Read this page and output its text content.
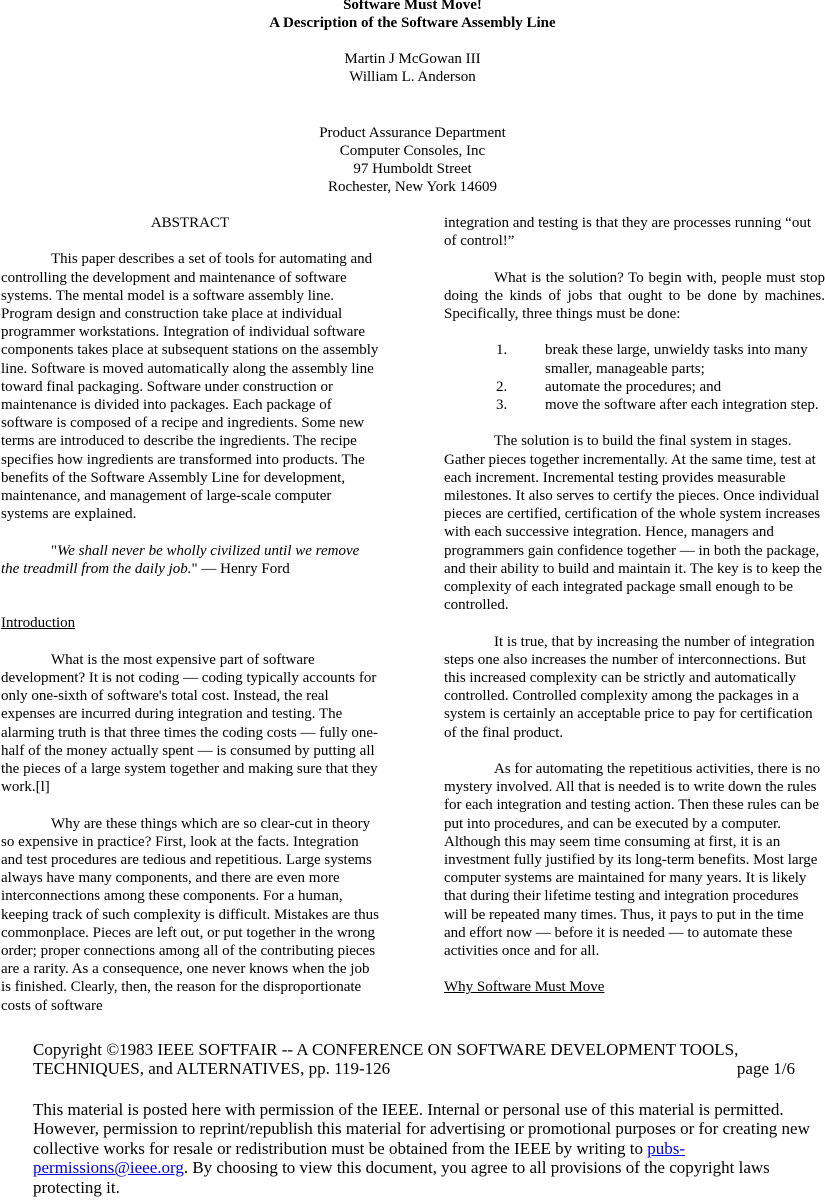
Software Must Move!
A Description of the Software Assembly Line
Martin J McGowan III
William L. Anderson
Product Assurance Department
Computer Consoles, Inc
97 Humboldt Street
Rochester, New York 14609

ABSTRACT

This paper describes a set of tools for automating and controlling the development and maintenance of software systems. The mental model is a software assembly line. Program design and construction take place at individual programmer workstations. Integration of individual software components takes place at subsequent stations on the assembly line. Software is moved automatically along the assembly line toward final packaging. Software under construction or maintenance is divided into packages. Each package of software is composed of a recipe and ingredients. Some new terms are introduced to describe the ingredients. The recipe specifies how ingredients are transformed into products. The benefits of the Software Assembly Line for development, maintenance, and management of large-scale computer systems are explained.

"We shall never be wholly civilized until we remove the treadmill from the daily job." — Henry Ford

Introduction

What is the most expensive part of software development? It is not coding — coding typically accounts for only one-sixth of software's total cost. Instead, the real expenses are incurred during integration and testing. The alarming truth is that three times the coding costs — fully one-half of the money actually spent — is consumed by putting all the pieces of a large system together and making sure that they work.[l]

Why are these things which are so clear-cut in theory so expensive in practice? First, look at the facts. Integration and test procedures are tedious and repetitious. Large systems always have many components, and there are even more interconnections among these components. For a human, keeping track of such complexity is difficult. Mistakes are thus commonplace. Pieces are left out, or put together in the wrong order; proper connections among all of the contributing pieces are a rarity. As a consequence, one never knows when the job is finished. Clearly, then, the reason for the disproportionate costs of software

integration and testing is that they are processes running “out of control!”

What is the solution? To begin with, people must stop doing the kinds of jobs that ought to be done by machines. Specifically, three things must be done:

1.	break these large, unwieldy tasks into many smaller, manageable parts;
2.	automate the procedures; and
3.	move the software after each integration step.

The solution is to build the final system in stages. Gather pieces together incrementally. At the same time, test at each increment. Incremental testing provides measurable milestones. It also serves to certify the pieces. Once individual pieces are certified, certification of the whole system increases with each successive integration. Hence, managers and programmers gain confidence together — in both the package, and their ability to build and maintain it. The key is to keep the complexity of each integrated package small enough to be controlled.

It is true, that by increasing the number of integration steps one also increases the number of interconnections. But this increased complexity can be strictly and automatically controlled. Controlled complexity among the packages in a system is certainly an acceptable price to pay for certification of the final product.

As for automating the repetitious activities, there is no mystery involved. All that is needed is to write down the rules for each integration and testing action. Then these rules can be put into procedures, and can be executed by a computer. Although this may seem time consuming at first, it is an investment fully justified by its long-term benefits. Most large computer systems are maintained for many years. It is likely that during their lifetime testing and integration procedures will be repeated many times. Thus, it pays to put in the time and effort now — before it is needed — to automate these activities once and for all.

Why Software Must Move

Copyright ©1983 IEEE SOFTFAIR -- A CONFERENCE ON SOFTWARE DEVELOPMENT TOOLS,
TECHNIQUES, and ALTERNATIVES, pp. 119-126	page 1/6
This material is posted here with permission of the IEEE. Internal or personal use of this material is permitted. However, permission to reprint/republish this material for advertising or promotional purposes or for creating new collective works for resale or redistribution must be obtained from the IEEE by writing to pubs-permissions@ieee.org. By choosing to view this document, you agree to all provisions of the copyright laws protecting it.
